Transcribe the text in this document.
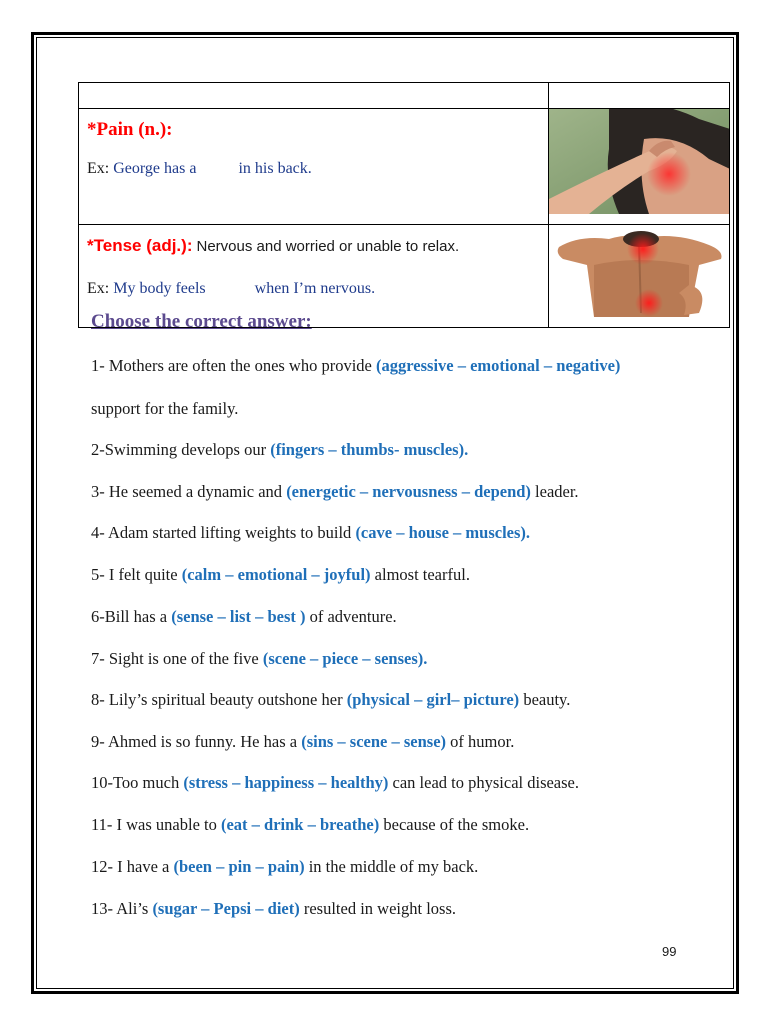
*Pain (n.):
Ex: George has a in his back.

*Tense (adj.): Nervous and worried or unable to relax.
Ex: My body feels when I’m nervous.

Choose the correct answer:
1- Mothers are often the ones who provide (aggressive – emotional – negative)
support for the family.
2-Swimming develops our (fingers – thumbs- muscles).
3- He seemed a dynamic and (energetic – nervousness – depend) leader.
4- Adam started lifting weights to build (cave – house – muscles).
5- I felt quite (calm – emotional – joyful) almost tearful.
6-Bill has a (sense – list – best ) of adventure.
7- Sight is one of the five (scene – piece – senses).
8- Lily’s spiritual beauty outshone her (physical – girl– picture) beauty.
9- Ahmed is so funny. He has a (sins – scene – sense) of humor.
10-Too much (stress – happiness – healthy) can lead to physical disease.
11- I was unable to (eat – drink – breathe) because of the smoke.
12- I have a (been – pin – pain) in the middle of my back.
13- Ali’s (sugar – Pepsi – diet) resulted in weight loss.
99
